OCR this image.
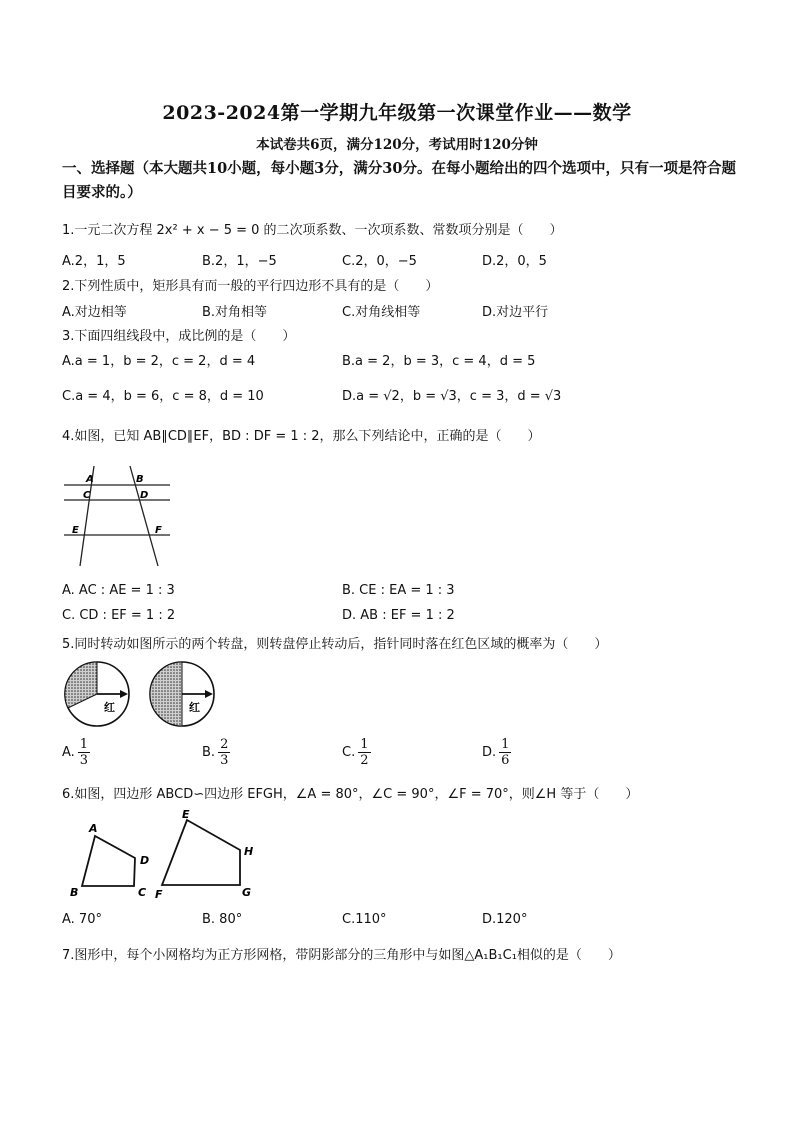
2023-2024第一学期九年级第一次课堂作业——数学
本试卷共6页，满分120分，考试用时120分钟
一、选择题（本大题共10小题，每小题3分，满分30分。在每小题给出的四个选项中，只有一项是符合题目要求的。）
1.一元二次方程 2x² + x − 5 = 0 的二次项系数、一次项系数、常数项分别是（　　）
A.2，1，5	B.2，1，−5	C.2，0，−5	D.2，0，5
2.下列性质中，矩形具有而一般的平行四边形不具有的是（　　）
A.对边相等	B.对角相等	C.对角线相等	D.对边平行
3.下面四组线段中，成比例的是（　　）
A.a = 1，b = 2，c = 2，d = 4	B.a = 2，b = 3，c = 4，d = 5
C.a = 4，b = 6，c = 8，d = 10	D.a = √2，b = √3，c = 3，d = √3
4.如图，已知 AB∥CD∥EF，BD : DF = 1 : 2，那么下列结论中，正确的是（　　）
A	B
C	D
E	F
A. AC : AE = 1 : 3	B. CE : EA = 1 : 3
C. CD : EF = 1 : 2	D. AB : EF = 1 : 2
5.同时转动如图所示的两个转盘，则转盘停止转动后，指针同时落在红色区域的概率为（　　）
红	红
A. $\frac{1}{3}$	B. $\frac{2}{3}$	C. $\frac{1}{2}$	D. $\frac{1}{6}$
6.如图，四边形 ABCD∽四边形 EFGH，∠A = 80°，∠C = 90°，∠F = 70°，则∠H 等于（　　）
A
B	C
D
E
F	G
H
A. 70°	B. 80°	C.110°	D.120°
7.图形中，每个小网格均为正方形网格，带阴影部分的三角形中与如图△A₁B₁C₁相似的是（　　）
